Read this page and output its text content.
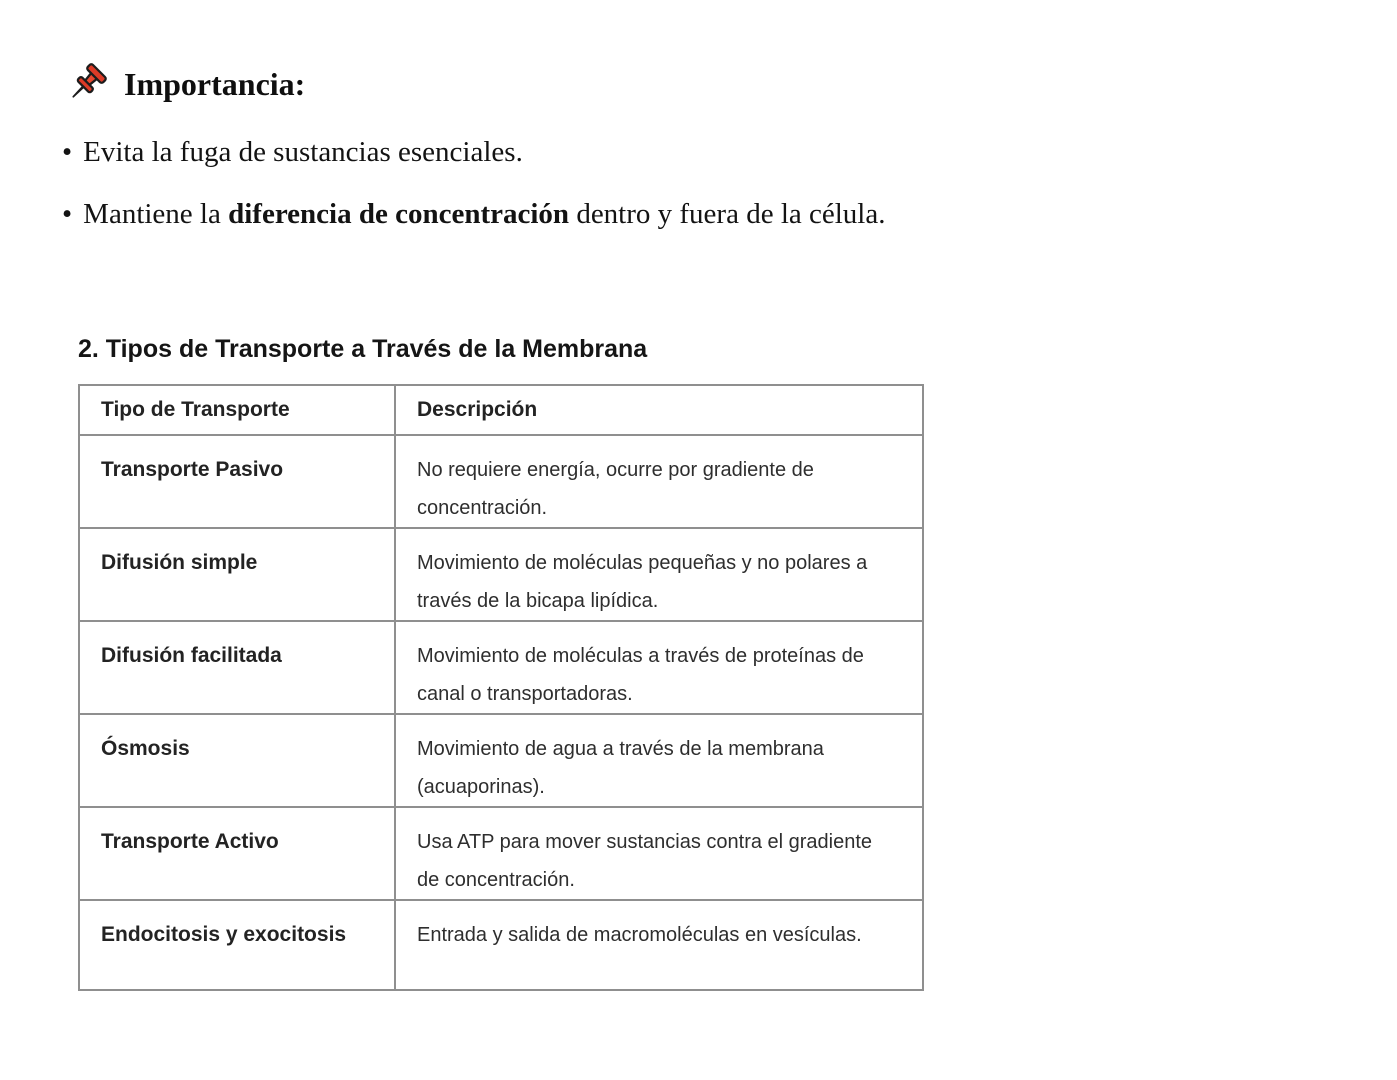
Importancia:
• Evita la fuga de sustancias esenciales.
• Mantiene la diferencia de concentración dentro y fuera de la célula.
2. Tipos de Transporte a Través de la Membrana
Tipo de Transporte	Descripción
Transporte Pasivo	No requiere energía, ocurre por gradiente de concentración.

Difusión simple	Movimiento de moléculas pequeñas y no polares a través de la bicapa lipídica.

Difusión facilitada	Movimiento de moléculas a través de proteínas de canal o transportadoras.

Ósmosis	Movimiento de agua a través de la membrana (acuaporinas).

Transporte Activo	Usa ATP para mover sustancias contra el gradiente de concentración.

Endocitosis y exocitosis	Entrada y salida de macromoléculas en vesículas.
